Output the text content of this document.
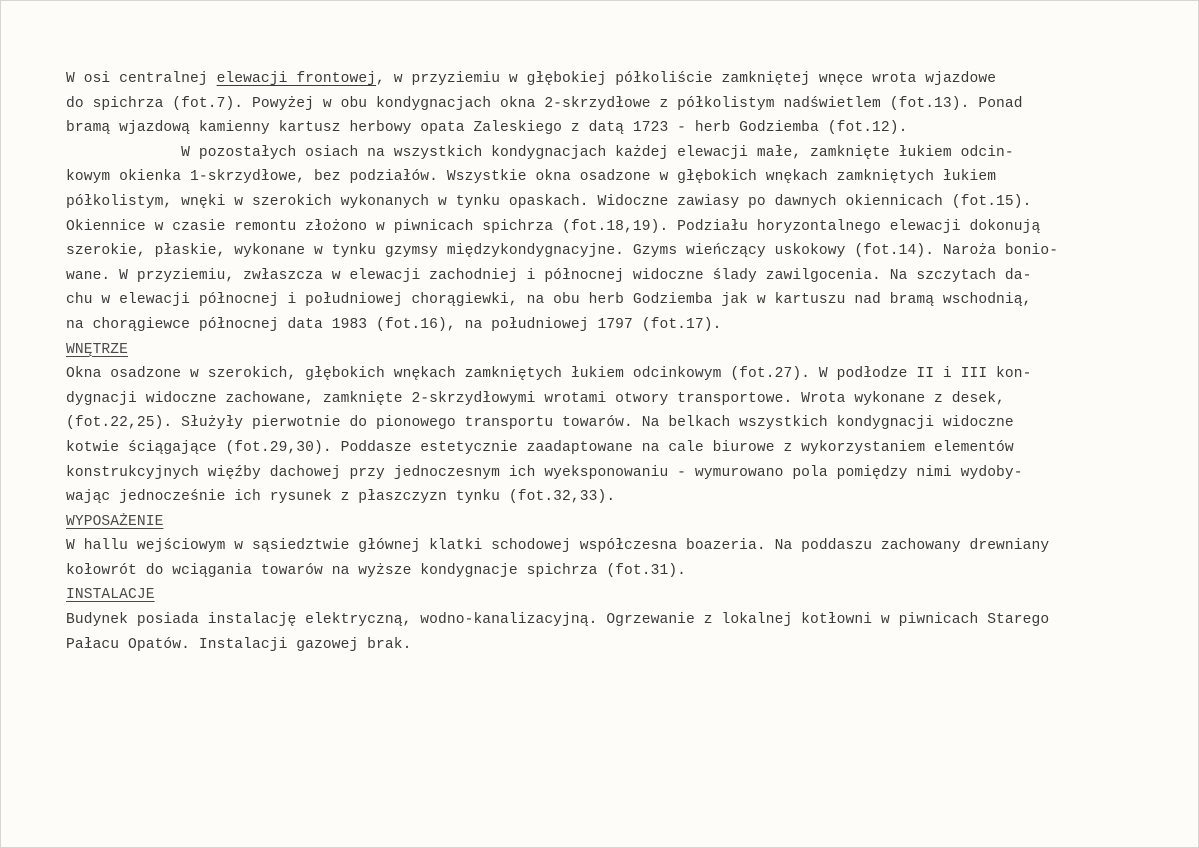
W osi centralnej elewacji frontowej, w przyziemiu w głębokiej półkoliście zamkniętej wnęce wrota wjazdowe
do spichrza (fot.7). Powyżej w obu kondygnacjach okna 2-skrzydłowe z półkolistym nadświetlem (fot.13). Ponad
bramą wjazdową kamienny kartusz herbowy opata Zaleskiego z datą 1723 - herb Godziemba (fot.12).
W pozostałych osiach na wszystkich kondygnacjach każdej elewacji małe, zamknięte łukiem odcin-
kowym okienka 1-skrzydłowe, bez podziałów. Wszystkie okna osadzone w głębokich wnękach zamkniętych łukiem
półkolistym, wnęki w szerokich wykonanych w tynku opaskach. Widoczne zawiasy po dawnych okiennicach (fot.15).
Okiennice w czasie remontu złożono w piwnicach spichrza (fot.18,19). Podziału horyzontalnego elewacji dokonują
szerokie, płaskie, wykonane w tynku gzymsy międzykondygnacyjne. Gzyms wieńczący uskokowy (fot.14). Naroża bonio-
wane. W przyziemiu, zwłaszcza w elewacji zachodniej i północnej widoczne ślady zawilgocenia. Na szczytach da-
chu w elewacji północnej i południowej chorągiewki, na obu herb Godziemba jak w kartuszu nad bramą wschodnią,
na chorągiewce północnej data 1983 (fot.16), na południowej 1797 (fot.17).
WNĘTRZE
Okna osadzone w szerokich, głębokich wnękach zamkniętych łukiem odcinkowym (fot.27). W podłodze II i III kon-
dygnacji widoczne zachowane, zamknięte 2-skrzydłowymi wrotami otwory transportowe. Wrota wykonane z desek,
(fot.22,25). Służyły pierwotnie do pionowego transportu towarów. Na belkach wszystkich kondygnacji widoczne
kotwie ściągające (fot.29,30). Poddasze estetycznie zaadaptowane na cale biurowe z wykorzystaniem elementów
konstrukcyjnych więźby dachowej przy jednoczesnym ich wyeksponowaniu - wymurowano pola pomiędzy nimi wydoby-
wając jednocześnie ich rysunek z płaszczyzn tynku (fot.32,33).
WYPOSAŻENIE
W hallu wejściowym w sąsiedztwie głównej klatki schodowej współczesna boazeria. Na poddaszu zachowany drewniany
kołowrót do wciągania towarów na wyższe kondygnacje spichrza (fot.31).
INSTALACJE
Budynek posiada instalację elektryczną, wodno-kanalizacyjną. Ogrzewanie z lokalnej kotłowni w piwnicach Starego
Pałacu Opatów. Instalacji gazowej brak.
